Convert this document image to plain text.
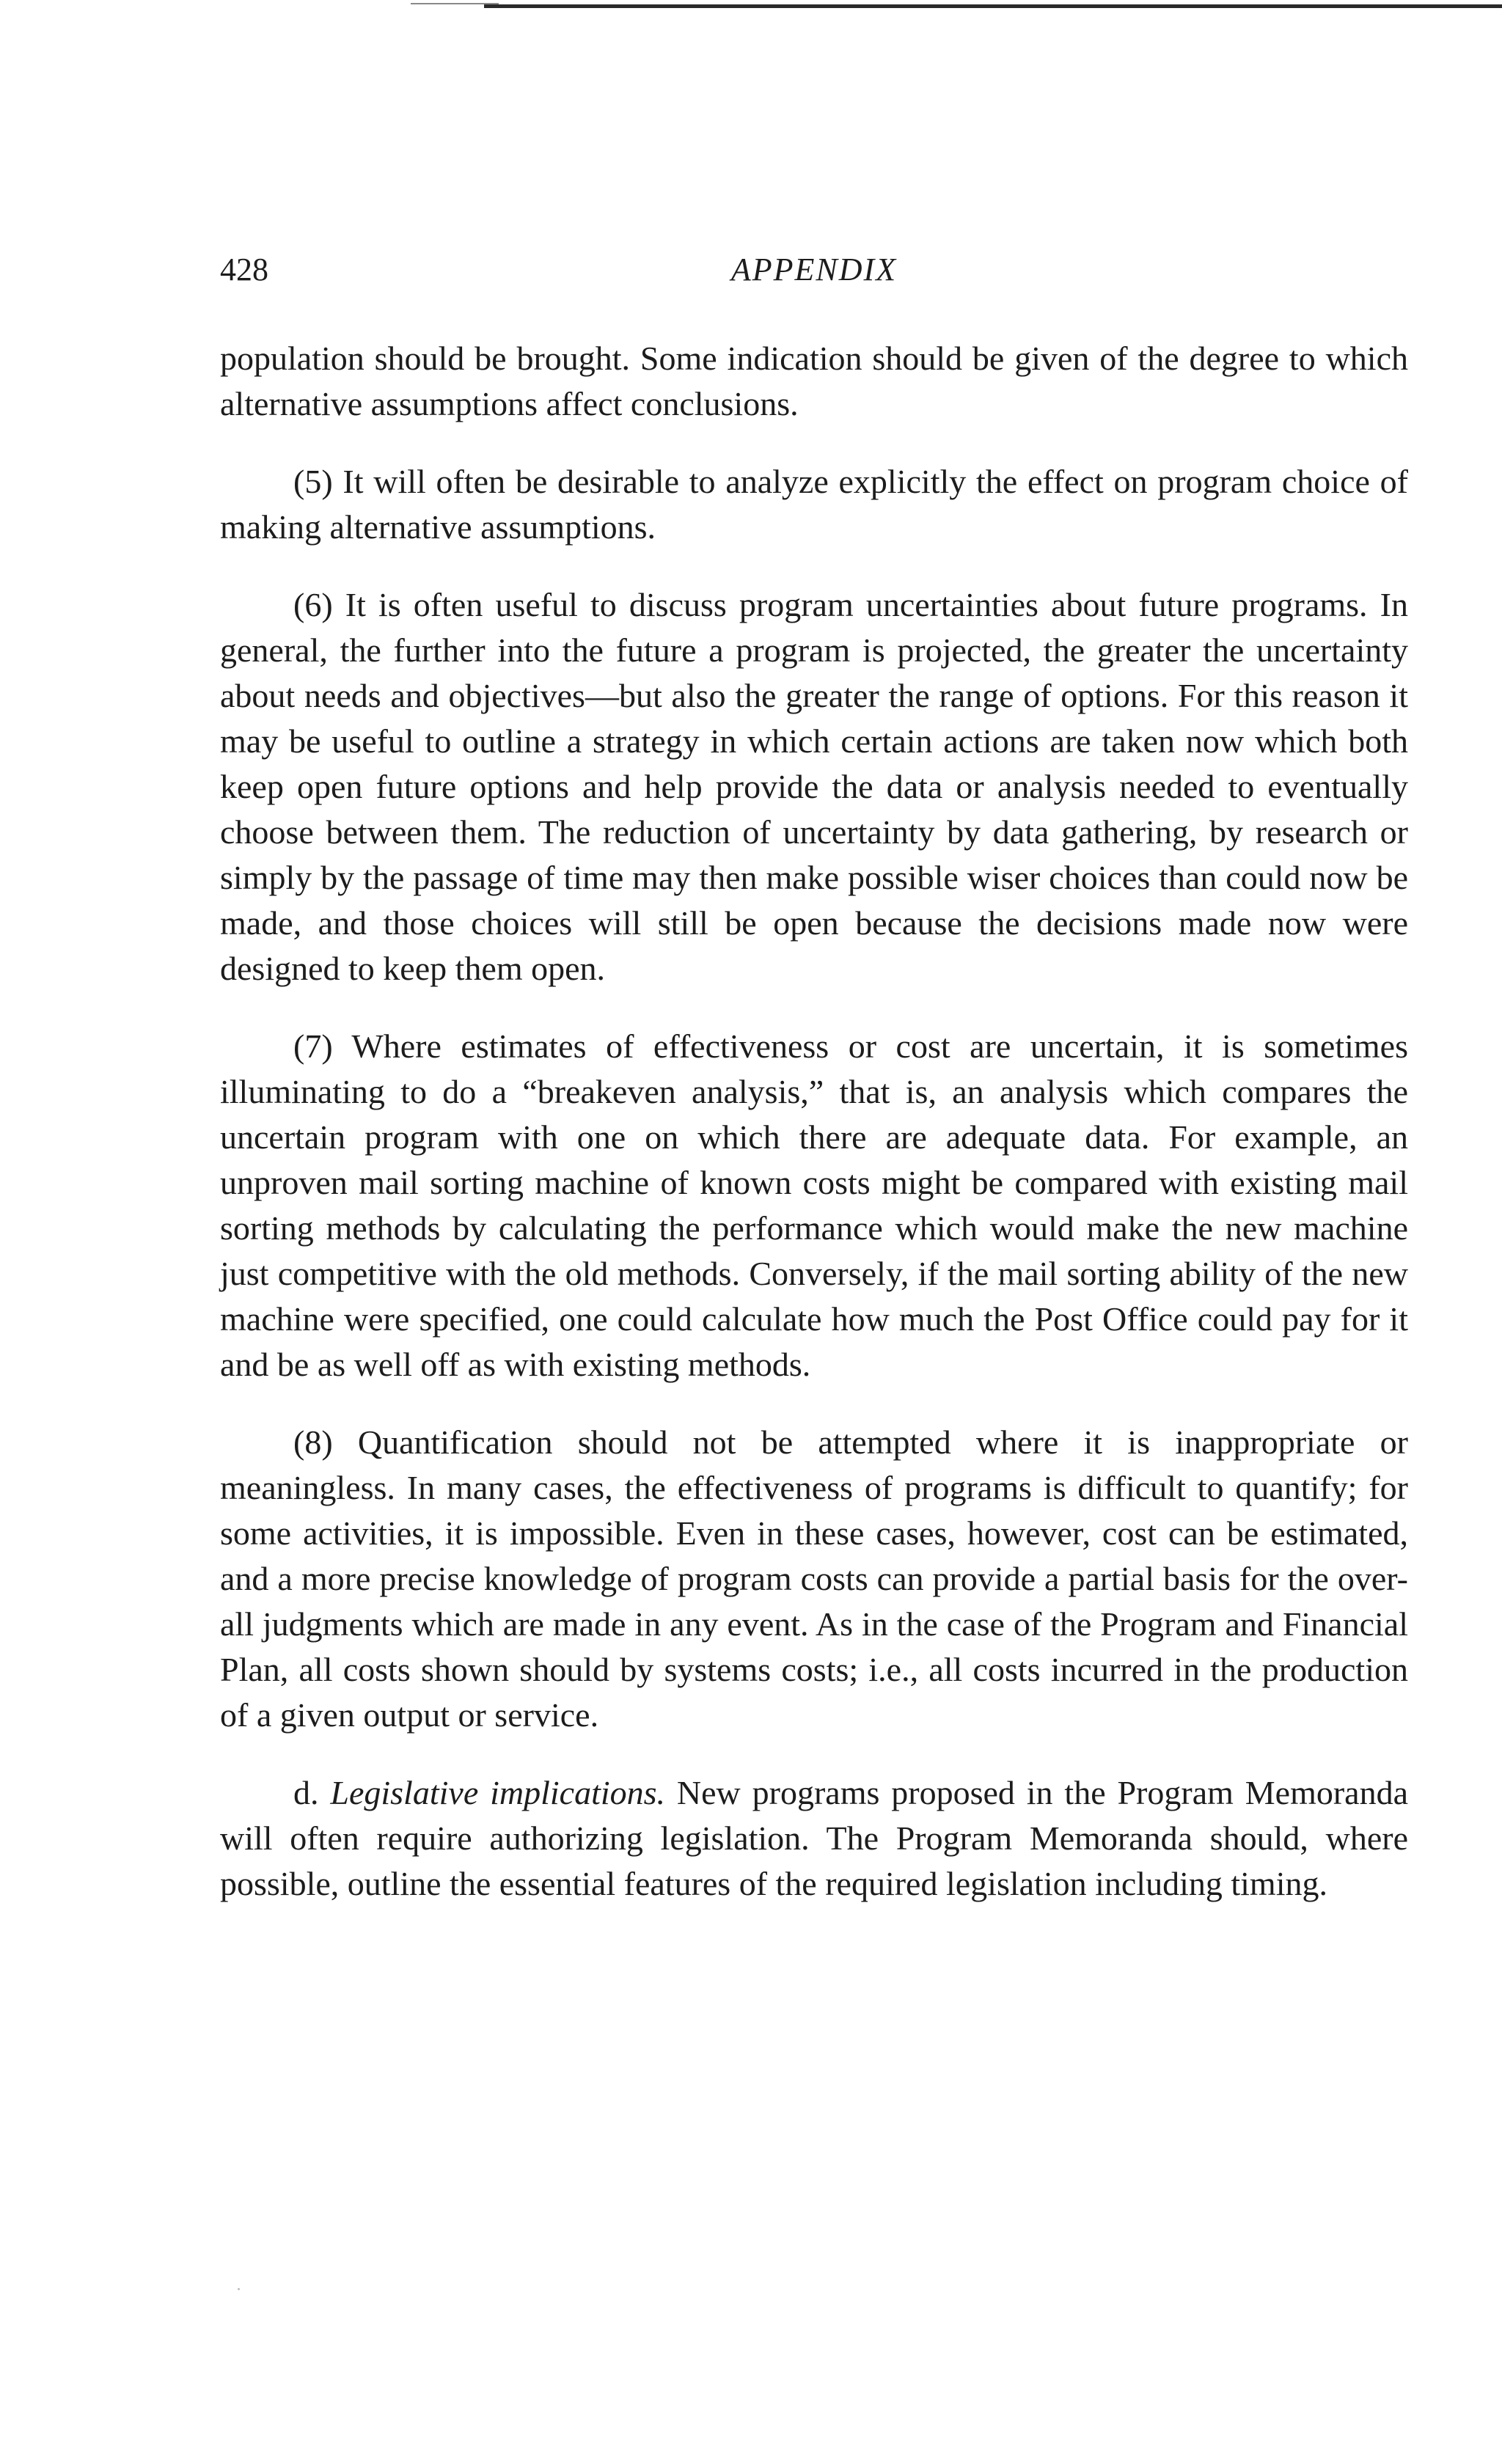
428	APPENDIX

population should be brought. Some indication should be given of the degree to which alternative assumptions affect conclusions.

(5) It will often be desirable to analyze explicitly the effect on program choice of making alternative assumptions.

(6) It is often useful to discuss program uncertainties about future programs. In general, the further into the future a program is projected, the greater the uncertainty about needs and objectives—but also the greater the range of options. For this reason it may be useful to outline a strategy in which certain actions are taken now which both keep open future options and help provide the data or analysis needed to eventually choose between them. The reduction of uncertainty by data gathering, by research or simply by the passage of time may then make possible wiser choices than could now be made, and those choices will still be open because the decisions made now were designed to keep them open.

(7) Where estimates of effectiveness or cost are uncertain, it is sometimes illuminating to do a “breakeven analysis,” that is, an analysis which compares the uncertain program with one on which there are adequate data. For example, an unproven mail sorting machine of known costs might be compared with existing mail sorting methods by calculating the performance which would make the new machine just competitive with the old methods. Conversely, if the mail sorting ability of the new machine were specified, one could calculate how much the Post Office could pay for it and be as well off as with existing methods.

(8) Quantification should not be attempted where it is inappropriate or meaningless. In many cases, the effectiveness of programs is difficult to quantify; for some activities, it is impossible. Even in these cases, however, cost can be estimated, and a more precise knowledge of program costs can provide a partial basis for the over-all judgments which are made in any event. As in the case of the Program and Financial Plan, all costs shown should by systems costs; i.e., all costs incurred in the production of a given output or service.

d. Legislative implications. New programs proposed in the Program Memoranda will often require authorizing legislation. The Program Memoranda should, where possible, outline the essential features of the required legislation including timing.
